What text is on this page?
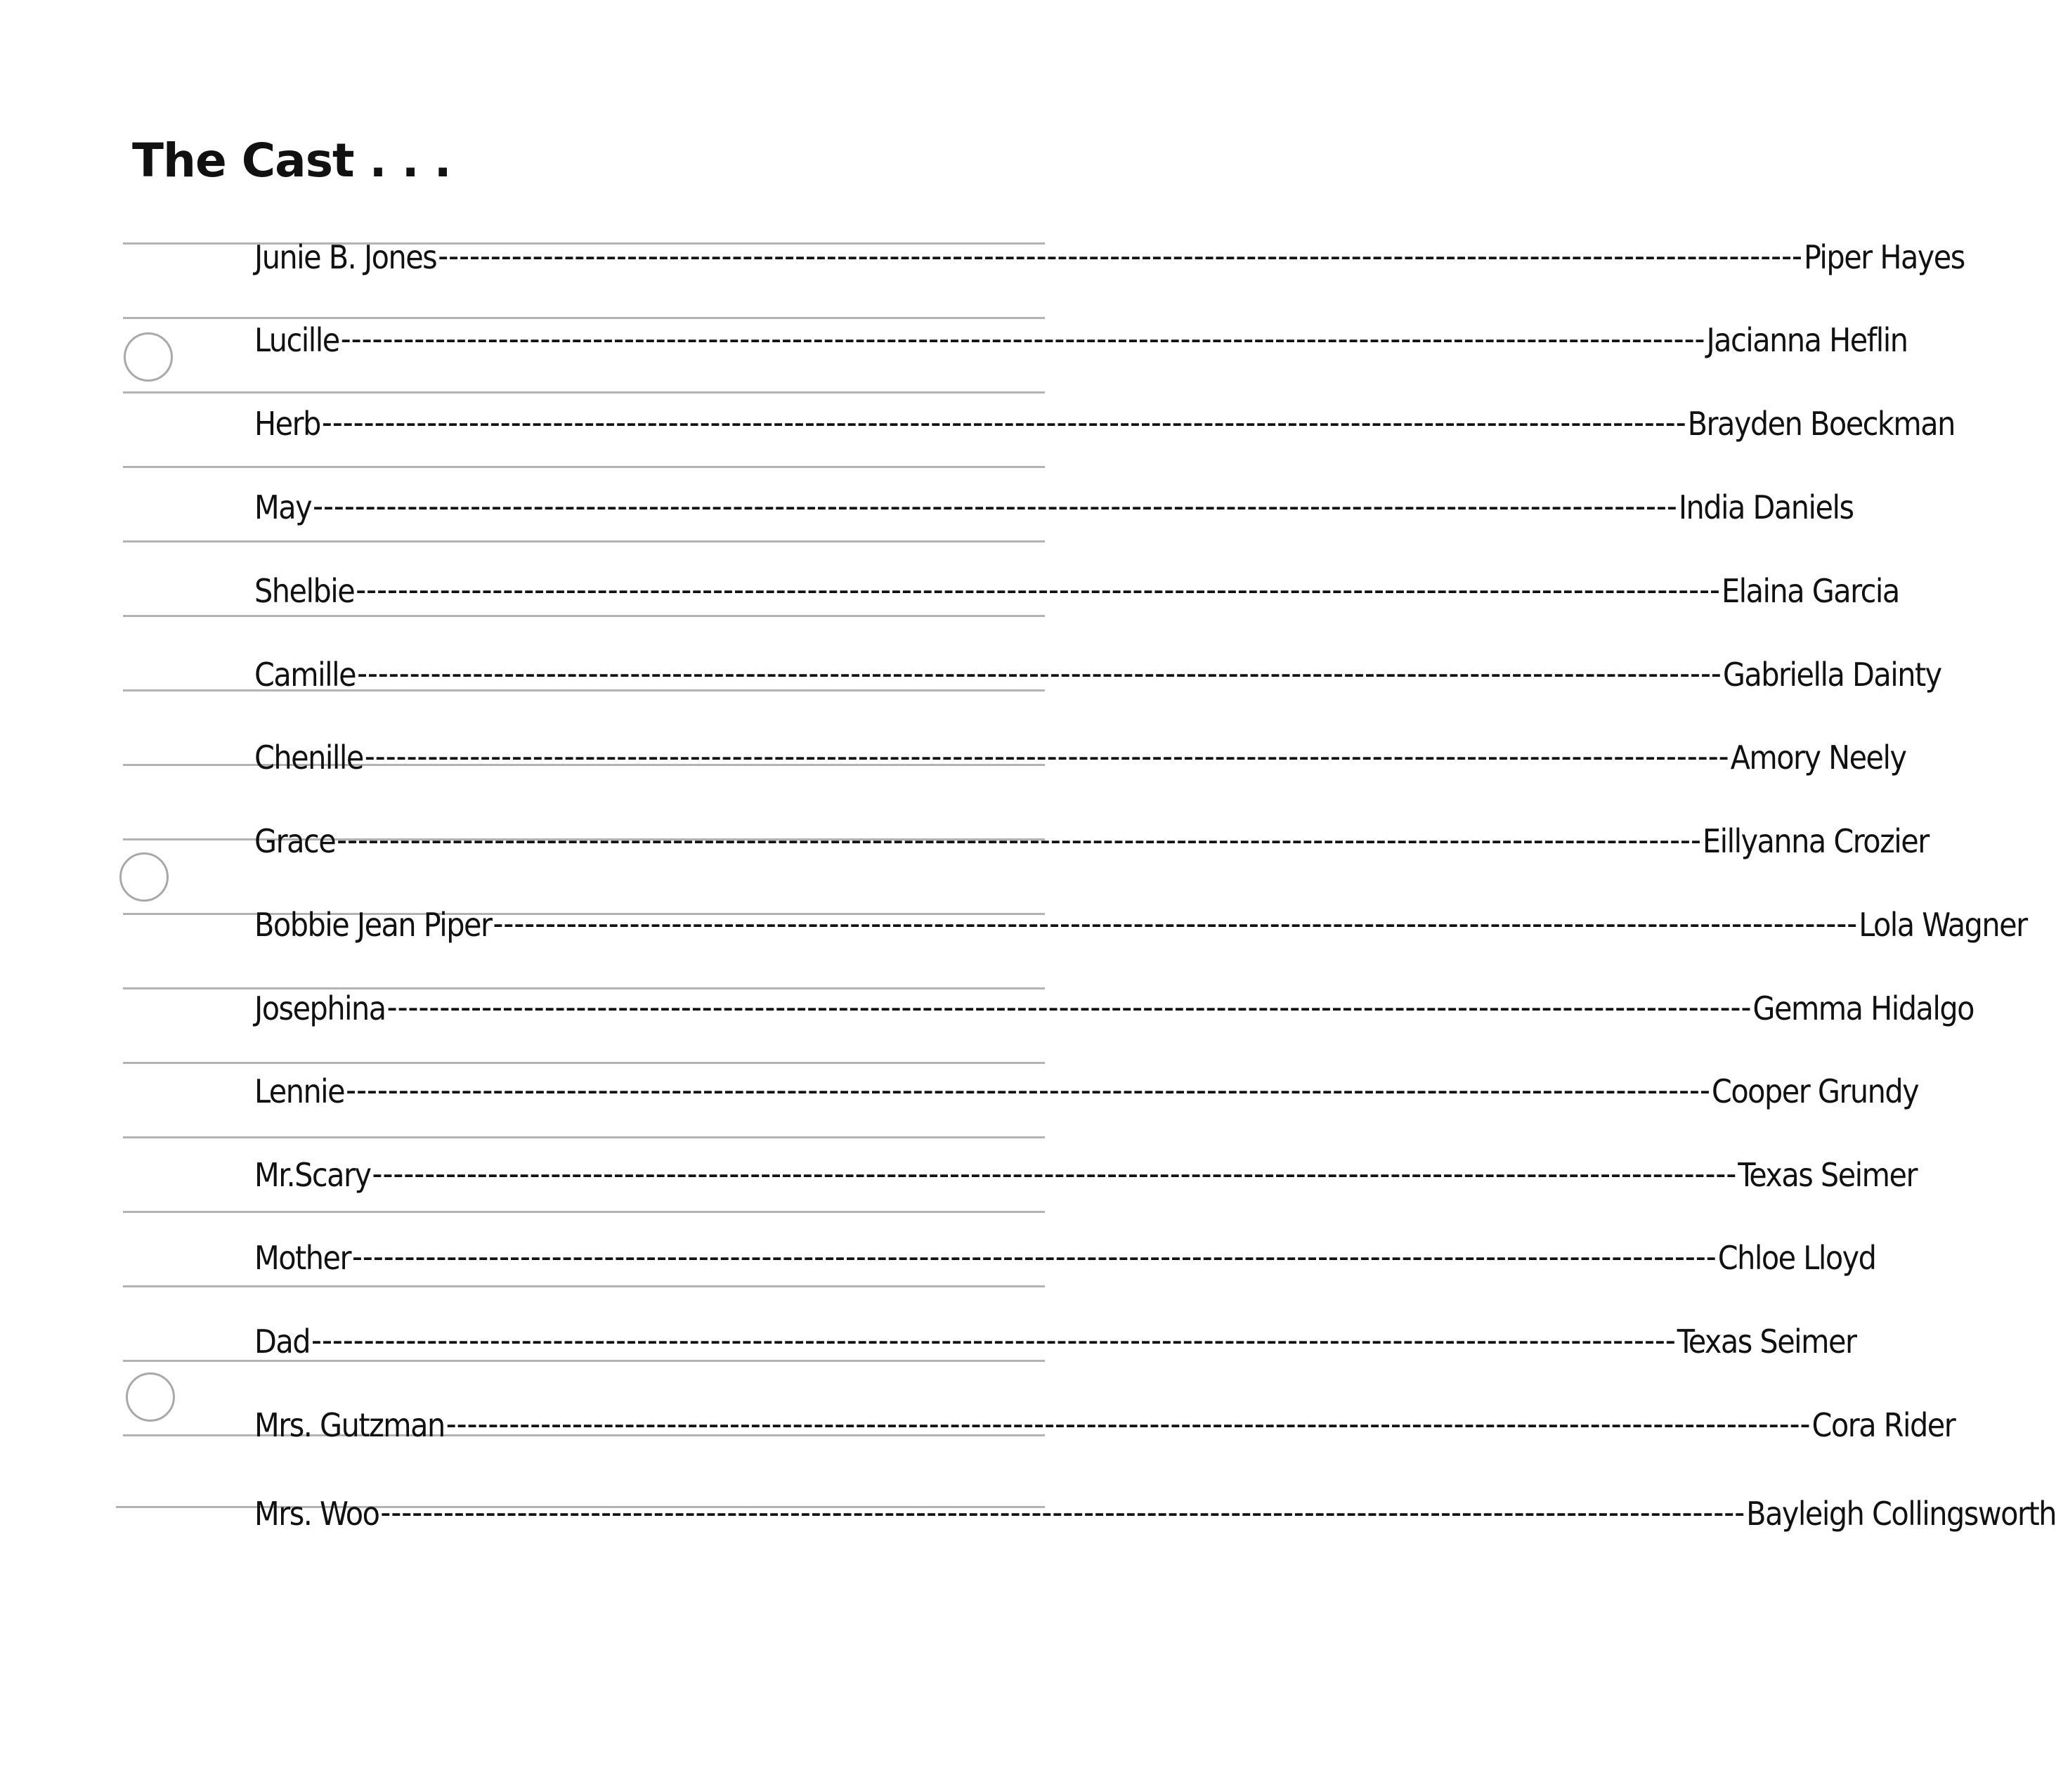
The Cast . . .
Junie B. Jones ---------------------------------------------------------------------------------------------------------------------------------- Piper Hayes
Lucille ---------------------------------------------------------------------------------------------------------------------------------- Jacianna Heflin
Herb ---------------------------------------------------------------------------------------------------------------------------------- Brayden Boeckman
May ---------------------------------------------------------------------------------------------------------------------------------- India Daniels
Shelbie ---------------------------------------------------------------------------------------------------------------------------------- Elaina Garcia
Camille ---------------------------------------------------------------------------------------------------------------------------------- Gabriella Dainty
Chenille ---------------------------------------------------------------------------------------------------------------------------------- Amory Neely
Grace ---------------------------------------------------------------------------------------------------------------------------------- Eillyanna Crozier
Bobbie Jean Piper ---------------------------------------------------------------------------------------------------------------------------------- Lola Wagner
Josephina ---------------------------------------------------------------------------------------------------------------------------------- Gemma Hidalgo
Lennie ---------------------------------------------------------------------------------------------------------------------------------- Cooper Grundy
Mr.Scary ---------------------------------------------------------------------------------------------------------------------------------- Texas Seimer
Mother ---------------------------------------------------------------------------------------------------------------------------------- Chloe Lloyd
Dad ---------------------------------------------------------------------------------------------------------------------------------- Texas Seimer
Mrs. Gutzman ---------------------------------------------------------------------------------------------------------------------------------- Cora Rider
Mrs. Woo ---------------------------------------------------------------------------------------------------------------------------------- Bayleigh Collingsworth
